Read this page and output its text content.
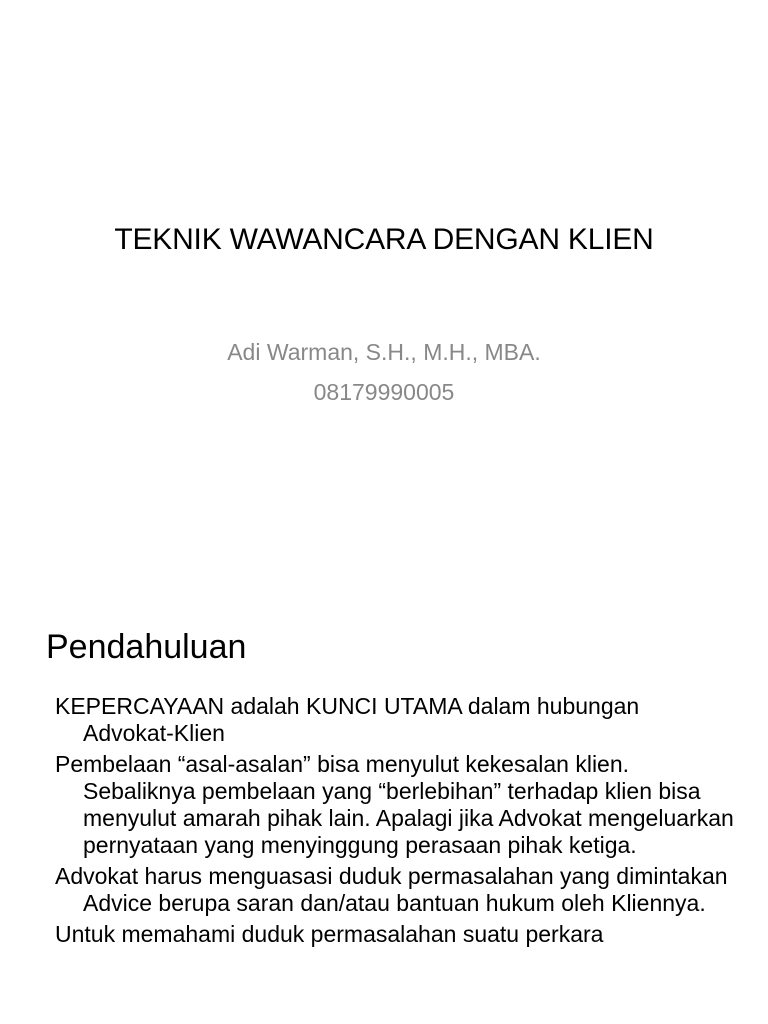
TEKNIK WAWANCARA DENGAN KLIEN
Adi Warman, S.H., M.H., MBA.
08179990005
Pendahuluan
KEPERCAYAAN adalah KUNCI UTAMA dalam hubungan Advokat-Klien
Pembelaan “asal-asalan” bisa menyulut kekesalan klien. Sebaliknya pembelaan yang “berlebihan” terhadap klien bisa menyulut amarah pihak lain. Apalagi jika Advokat mengeluarkan pernyataan yang menyinggung perasaan pihak ketiga.
Advokat harus menguasasi duduk permasalahan yang dimintakan Advice berupa saran dan/atau bantuan hukum oleh Kliennya.
Untuk memahami duduk permasalahan suatu perkara
